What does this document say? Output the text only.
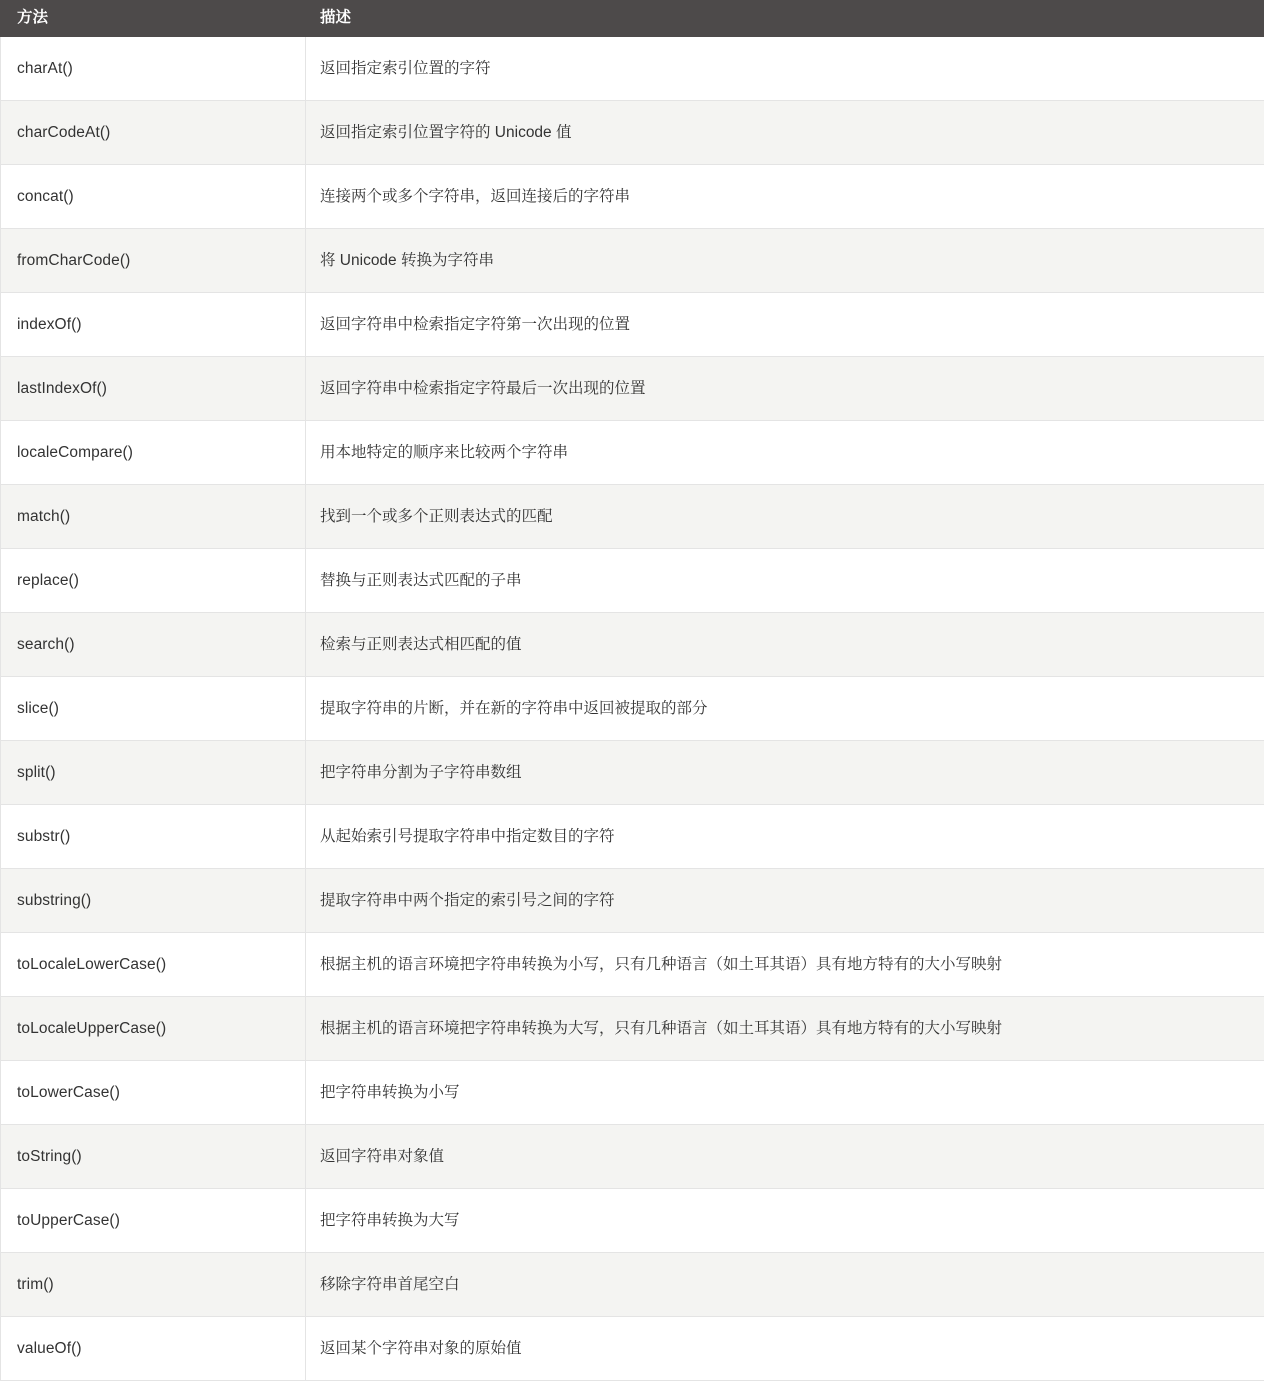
方法	描述
charAt()	返回指定索引位置的字符
charCodeAt()	返回指定索引位置字符的 Unicode 值
concat()	连接两个或多个字符串，返回连接后的字符串
fromCharCode()	将 Unicode 转换为字符串
indexOf()	返回字符串中检索指定字符第一次出现的位置
lastIndexOf()	返回字符串中检索指定字符最后一次出现的位置
localeCompare()	用本地特定的顺序来比较两个字符串
match()	找到一个或多个正则表达式的匹配
replace()	替换与正则表达式匹配的子串
search()	检索与正则表达式相匹配的值
slice()	提取字符串的片断，并在新的字符串中返回被提取的部分
split()	把字符串分割为子字符串数组
substr()	从起始索引号提取字符串中指定数目的字符
substring()	提取字符串中两个指定的索引号之间的字符
toLocaleLowerCase()	根据主机的语言环境把字符串转换为小写，只有几种语言（如土耳其语）具有地方特有的大小写映射
toLocaleUpperCase()	根据主机的语言环境把字符串转换为大写，只有几种语言（如土耳其语）具有地方特有的大小写映射
toLowerCase()	把字符串转换为小写
toString()	返回字符串对象值
toUpperCase()	把字符串转换为大写
trim()	移除字符串首尾空白
valueOf()	返回某个字符串对象的原始值
